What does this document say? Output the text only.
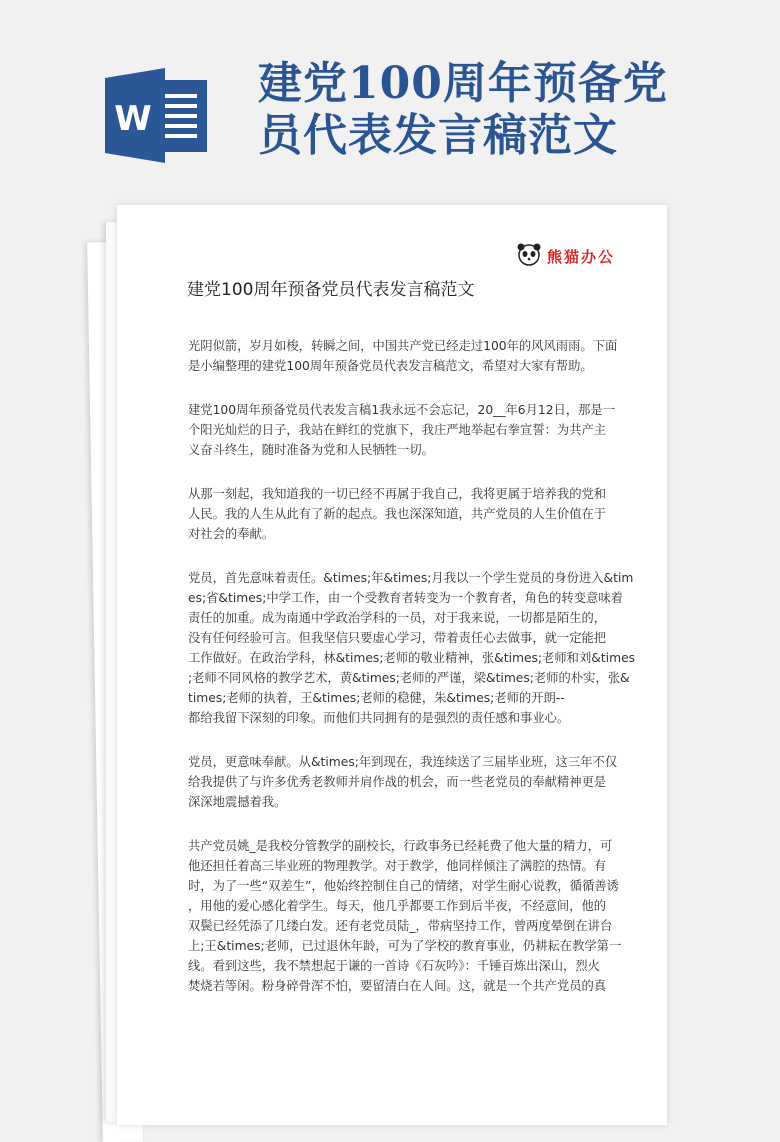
W
建党100周年预备党
员代表发言稿范文
熊猫办公
建党100周年预备党员代表发言稿范文
光阴似箭，岁月如梭，转瞬之间，中国共产党已经走过100年的风风雨雨。下面
是小编整理的建党100周年预备党员代表发言稿范文，希望对大家有帮助。
建党100周年预备党员代表发言稿1我永远不会忘记，20__年6月12日，那是一
个阳光灿烂的日子，我站在鲜红的党旗下，我庄严地举起右拳宣誓：为共产主
义奋斗终生，随时准备为党和人民牺牲一切。
从那一刻起，我知道我的一切已经不再属于我自己，我将更属于培养我的党和
人民。我的人生从此有了新的起点。我也深深知道，共产党员的人生价值在于
对社会的奉献。
党员，首先意味着责任。&times;年&times;月我以一个学生党员的身份进入&tim
es;省&times;中学工作，由一个受教育者转变为一个教育者，角色的转变意味着
责任的加重。成为南通中学政治学科的一员，对于我来说，一切都是陌生的，
没有任何经验可言。但我坚信只要虚心学习，带着责任心去做事，就一定能把
工作做好。在政治学科，林&times;老师的敬业精神，张&times;老师和刘&times
;老师不同风格的教学艺术，黄&times;老师的严谨，梁&times;老师的朴实，张&
times;老师的执着，王&times;老师的稳健，朱&times;老师的开朗--
都给我留下深刻的印象。而他们共同拥有的是强烈的责任感和事业心。
党员，更意味奉献。从&times;年到现在，我连续送了三届毕业班，这三年不仅
给我提供了与许多优秀老教师并肩作战的机会，而一些老党员的奉献精神更是
深深地震撼着我。
共产党员姚_是我校分管教学的副校长，行政事务已经耗费了他大量的精力，可
他还担任着高三毕业班的物理教学。对于教学，他同样倾注了满腔的热情。有
时，为了一些“双差生”，他始终控制住自己的情绪，对学生耐心说教，循循善诱
，用他的爱心感化着学生。每天，他几乎都要工作到后半夜，不经意间，他的
双鬓已经凭添了几缕白发。还有老党员陆_，带病坚持工作，曾两度晕倒在讲台
上;王&times;老师，已过退休年龄，可为了学校的教育事业，仍耕耘在教学第一
线。看到这些，我不禁想起于谦的一首诗《石灰吟》：千锤百炼出深山，烈火
焚烧若等闲。粉身碎骨浑不怕，要留清白在人间。这，就是一个共产党员的真
